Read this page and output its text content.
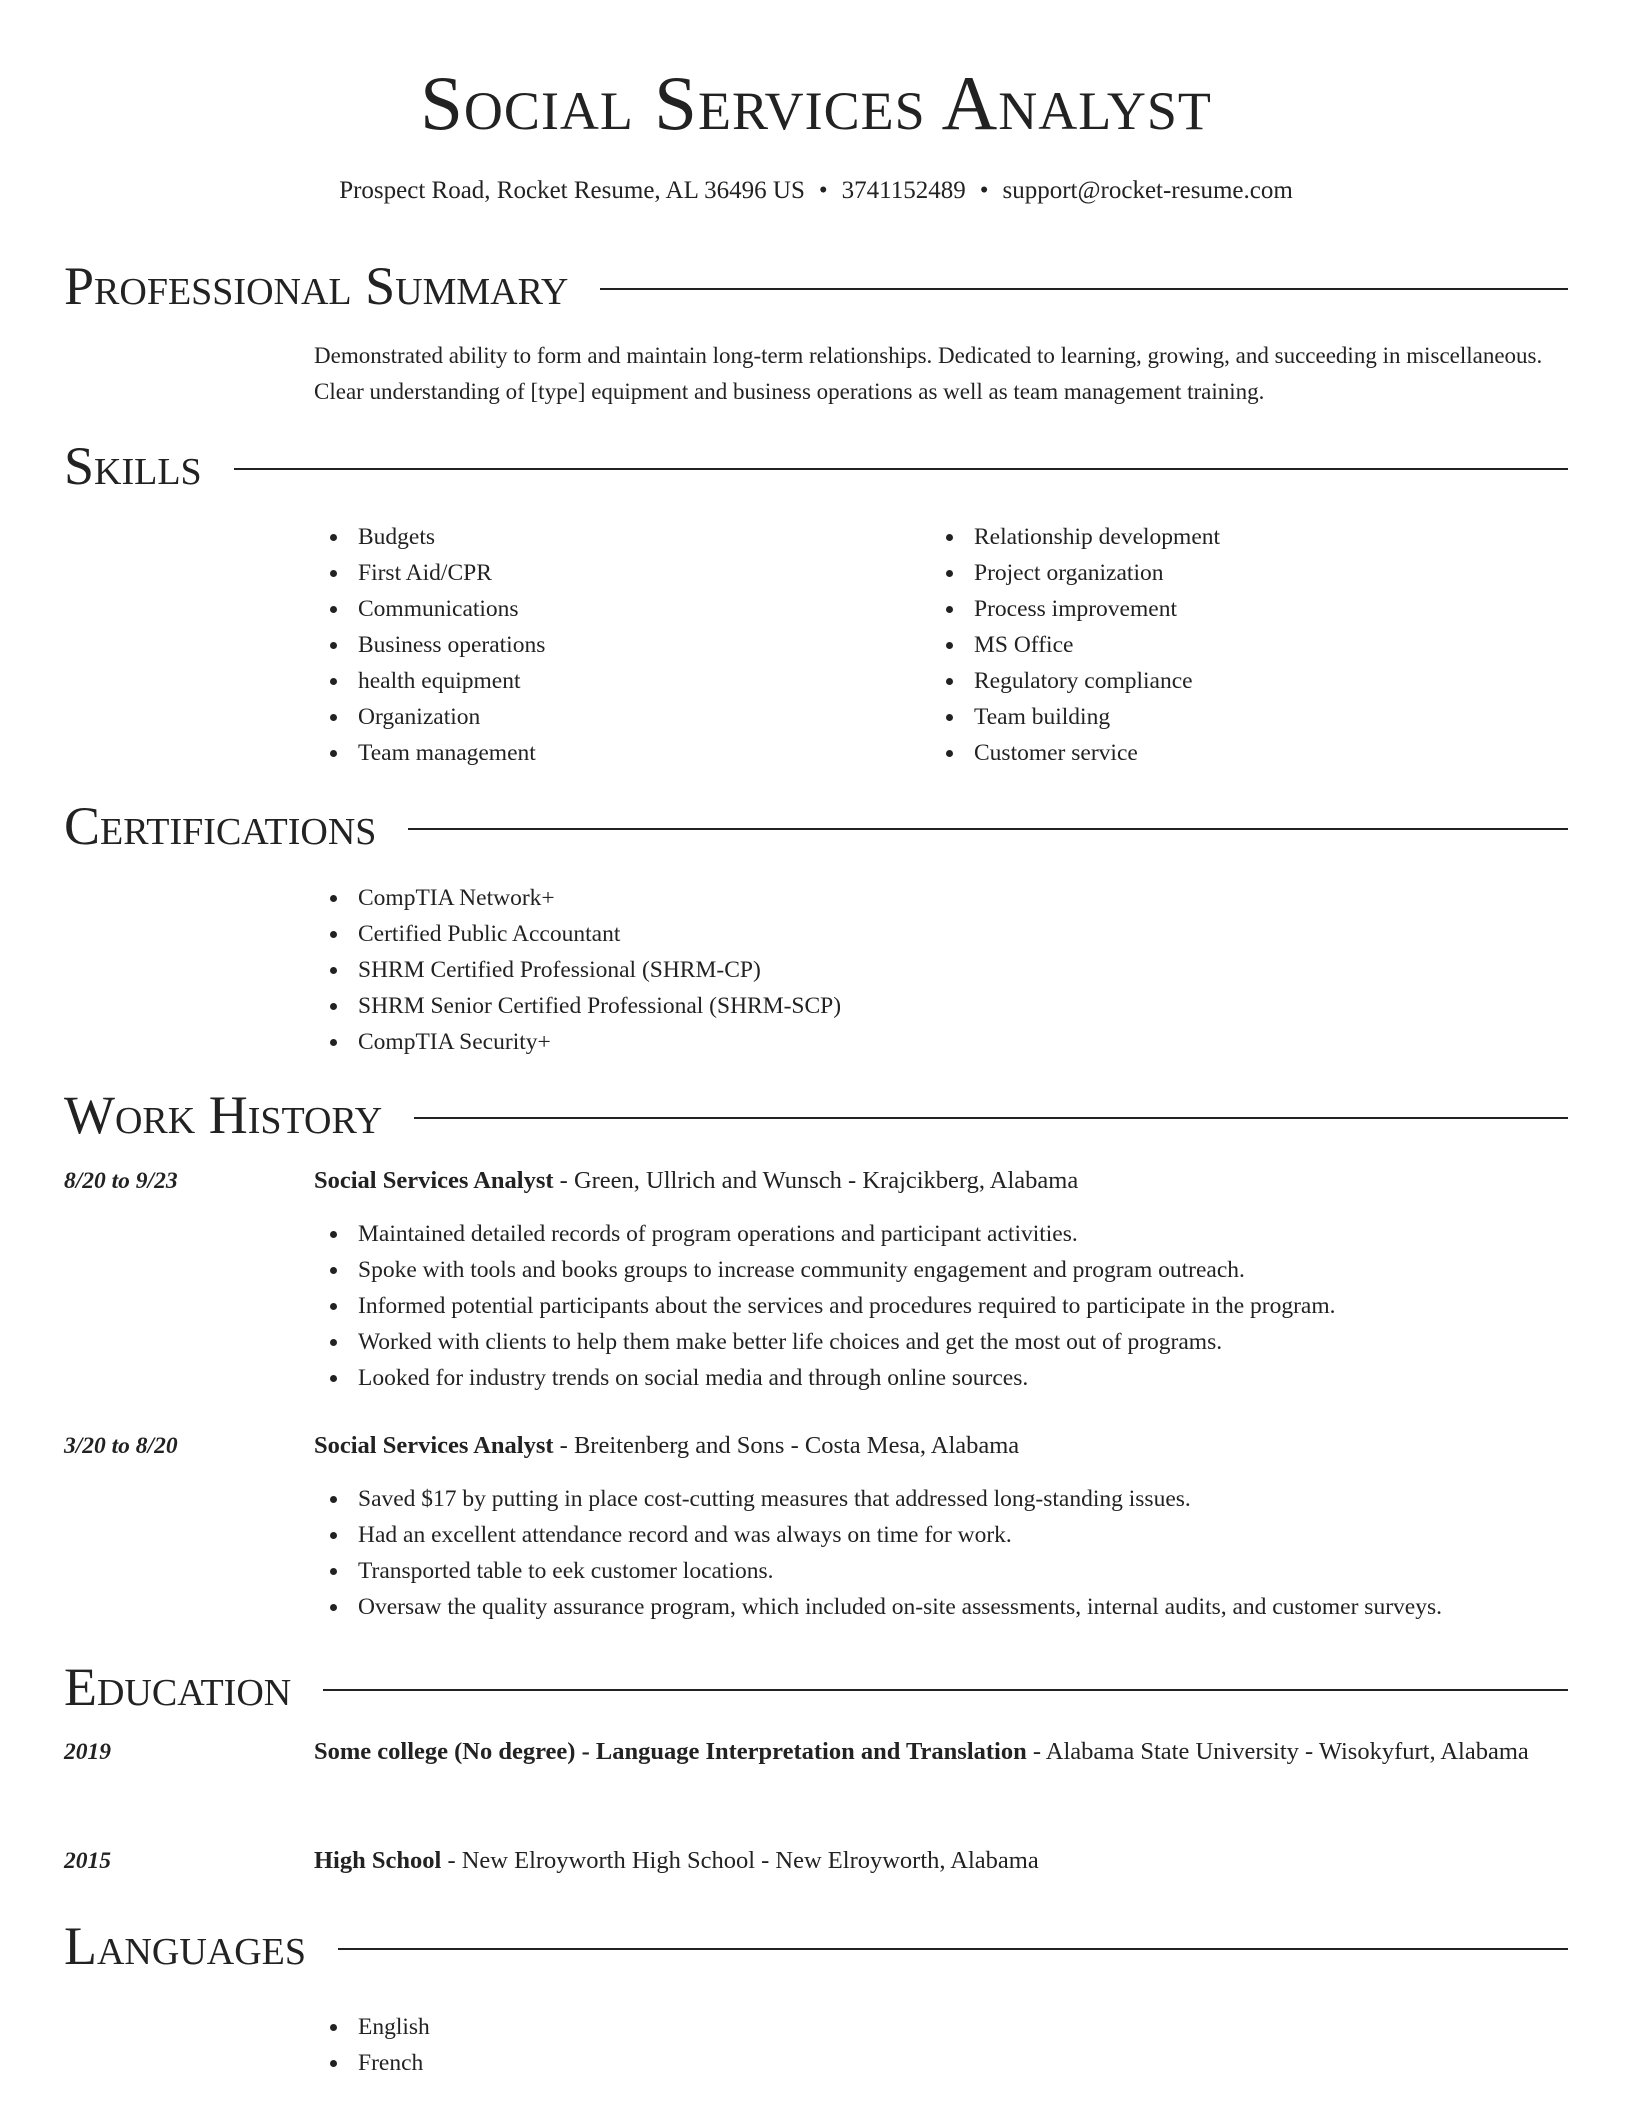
Social Services Analyst
Prospect Road, Rocket Resume, AL 36496 US • 3741152489 • support@rocket-resume.com
Professional Summary
Demonstrated ability to form and maintain long-term relationships. Dedicated to learning, growing, and succeeding in miscellaneous. Clear understanding of [type] equipment and business operations as well as team management training.
Skills
Budgets
First Aid/CPR
Communications
Business operations
health equipment
Organization
Team management
Relationship development
Project organization
Process improvement
MS Office
Regulatory compliance
Team building
Customer service
Certifications
CompTIA Network+
Certified Public Accountant
SHRM Certified Professional (SHRM-CP)
SHRM Senior Certified Professional (SHRM-SCP)
CompTIA Security+
Work History
8/20 to 9/23	Social Services Analyst - Green, Ullrich and Wunsch - Krajcikberg, Alabama
Maintained detailed records of program operations and participant activities.
Spoke with tools and books groups to increase community engagement and program outreach.
Informed potential participants about the services and procedures required to participate in the program.
Worked with clients to help them make better life choices and get the most out of programs.
Looked for industry trends on social media and through online sources.
3/20 to 8/20	Social Services Analyst - Breitenberg and Sons - Costa Mesa, Alabama
Saved $17 by putting in place cost-cutting measures that addressed long-standing issues.
Had an excellent attendance record and was always on time for work.
Transported table to eek customer locations.
Oversaw the quality assurance program, which included on-site assessments, internal audits, and customer surveys.
Education
2019	Some college (No degree) - Language Interpretation and Translation - Alabama State University - Wisokyfurt, Alabama
2015	High School - New Elroyworth High School - New Elroyworth, Alabama
Languages
English
French
